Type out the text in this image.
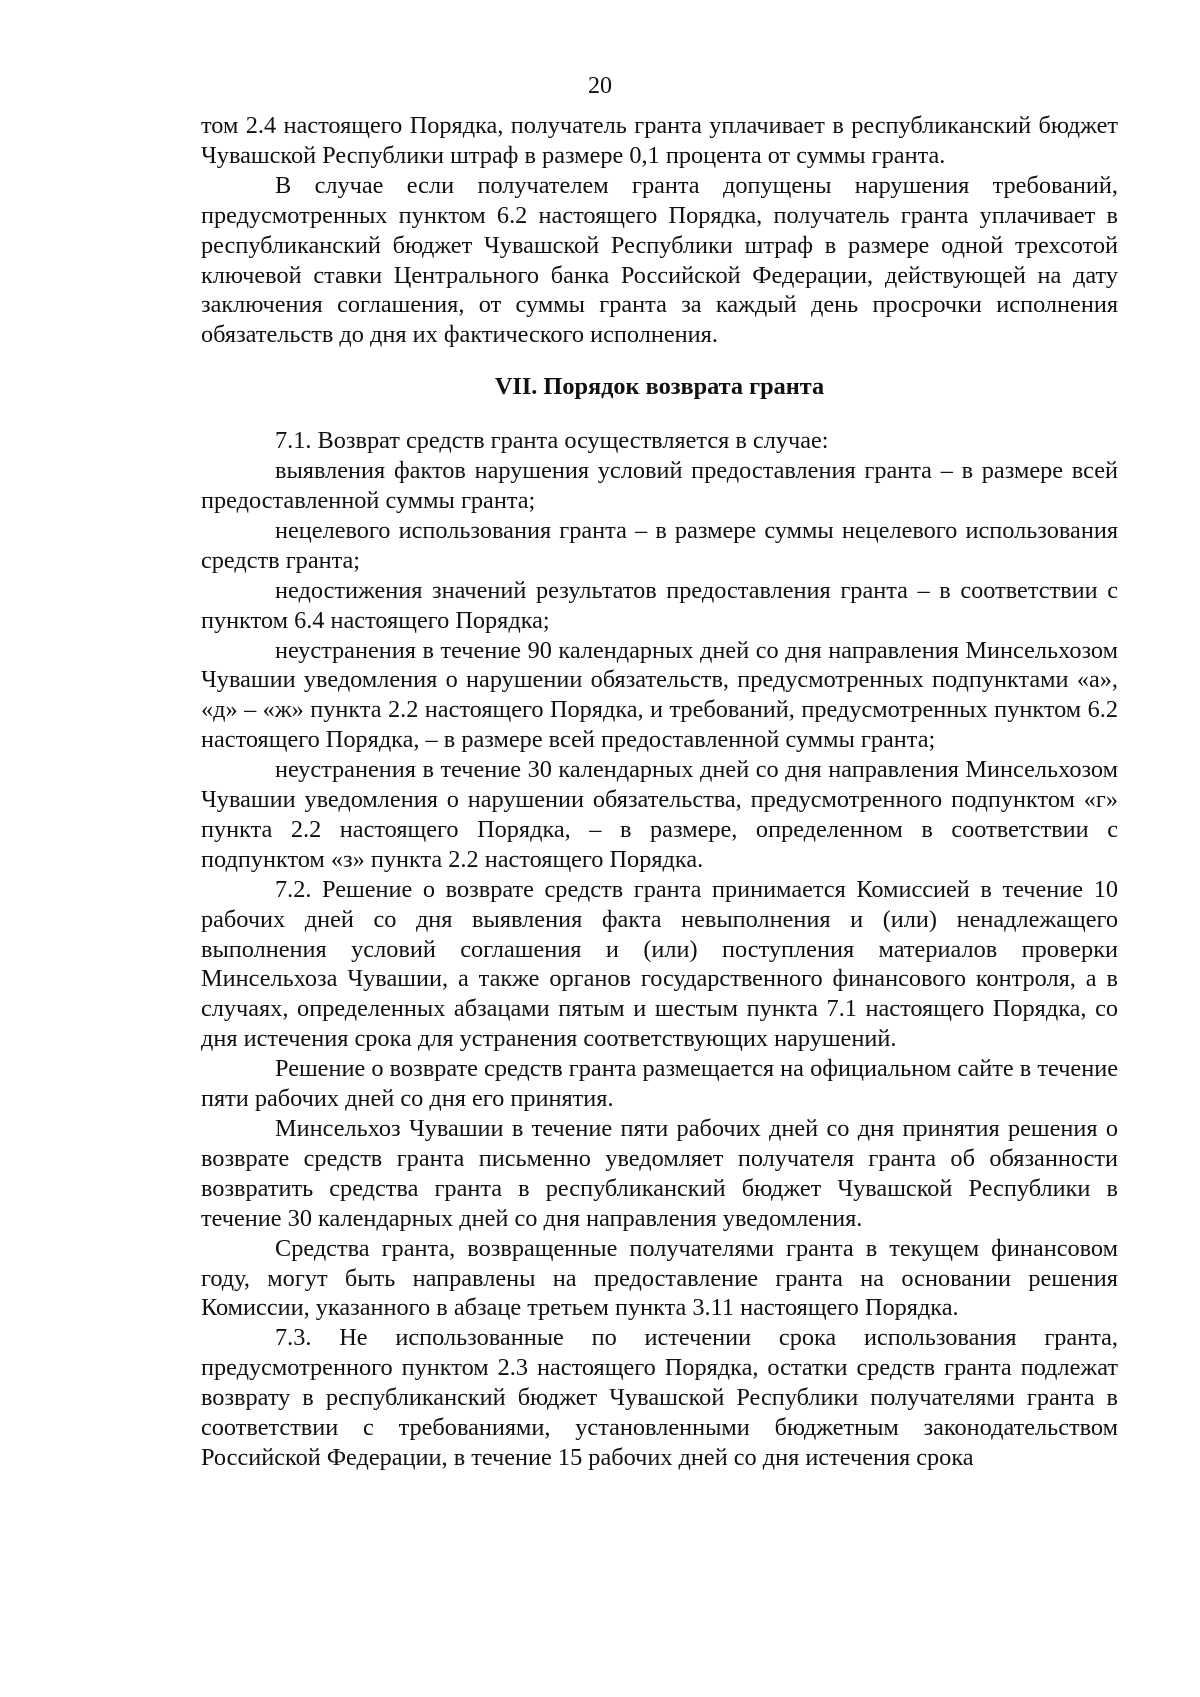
20

том 2.4 настоящего Порядка, получатель гранта уплачивает в республиканский бюджет Чувашской Республики штраф в размере 0,1 процента от суммы гранта.

В случае если получателем гранта допущены нарушения требований, предусмотренных пунктом 6.2 настоящего Порядка, получатель гранта уплачивает в республиканский бюджет Чувашской Республики штраф в размере одной трехсотой ключевой ставки Центрального банка Российской Федерации, действующей на дату заключения соглашения, от суммы гранта за каждый день просрочки исполнения обязательств до дня их фактического исполнения.

VII. Порядок возврата гранта

7.1. Возврат средств гранта осуществляется в случае:

выявления фактов нарушения условий предоставления гранта – в размере всей предоставленной суммы гранта;

нецелевого использования гранта – в размере суммы нецелевого использования средств гранта;

недостижения значений результатов предоставления гранта – в соответствии с пунктом 6.4 настоящего Порядка;

неустранения в течение 90 календарных дней со дня направления Минсельхозом Чувашии уведомления о нарушении обязательств, предусмотренных подпунктами «а», «д» – «ж» пункта 2.2 настоящего Порядка, и требований, предусмотренных пунктом 6.2 настоящего Порядка, – в размере всей предоставленной суммы гранта;

неустранения в течение 30 календарных дней со дня направления Минсельхозом Чувашии уведомления о нарушении обязательства, предусмотренного подпунктом «г» пункта 2.2 настоящего Порядка, – в размере, определенном в соответствии с подпунктом «з» пункта 2.2 настоящего Порядка.

7.2. Решение о возврате средств гранта принимается Комиссией в течение 10 рабочих дней со дня выявления факта невыполнения и (или) ненадлежащего выполнения условий соглашения и (или) поступления материалов проверки Минсельхоза Чувашии, а также органов государственного финансового контроля, а в случаях, определенных абзацами пятым и шестым пункта 7.1 настоящего Порядка, со дня истечения срока для устранения соответствующих нарушений.

Решение о возврате средств гранта размещается на официальном сайте в течение пяти рабочих дней со дня его принятия.

Минсельхоз Чувашии в течение пяти рабочих дней со дня принятия решения о возврате средств гранта письменно уведомляет получателя гранта об обязанности возвратить средства гранта в республиканский бюджет Чувашской Республики в течение 30 календарных дней со дня направления уведомления.

Средства гранта, возвращенные получателями гранта в текущем финансовом году, могут быть направлены на предоставление гранта на основании решения Комиссии, указанного в абзаце третьем пункта 3.11 настоящего Порядка.

7.3. Не использованные по истечении срока использования гранта, предусмотренного пунктом 2.3 настоящего Порядка, остатки средств гранта подлежат возврату в республиканский бюджет Чувашской Республики получателями гранта в соответствии с требованиями, установленными бюджетным законодательством Российской Федерации, в течение 15 рабочих дней со дня истечения срока
